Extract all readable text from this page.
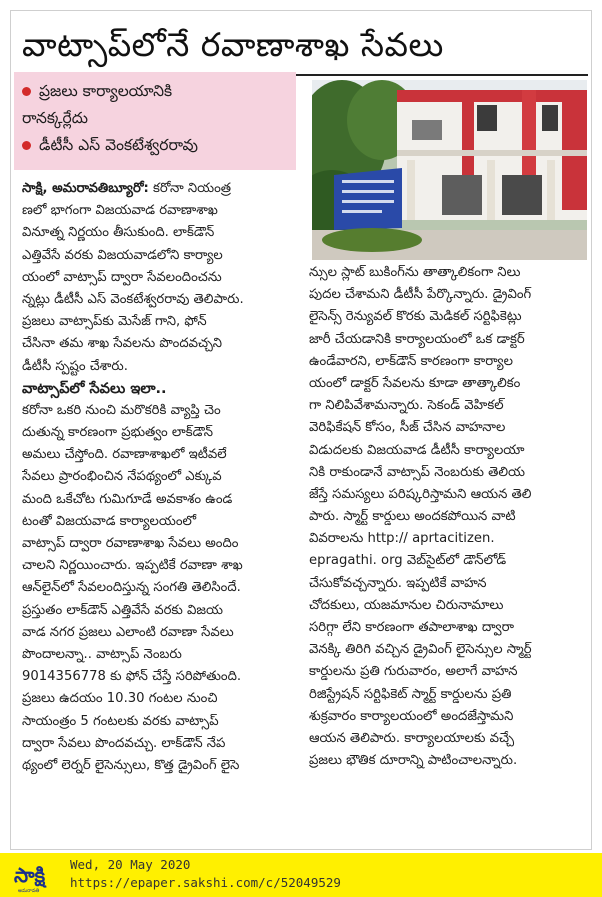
వాట్సాప్‌లోనే రవాణాశాఖ సేవలు
ప్రజలు కార్యాలయానికి
రానక్కర్లేదు
డీటీసీ ఎస్‌ వెంకటేశ్వరరావు
సాక్షి, అమరావతిబ్యూరో: కరోనా నియంత్ర
ణలో భాగంగా విజయవాడ రవాణాశాఖ
వినూత్న నిర్ణయం తీసుకుంది. లాక్‌డౌన్‌
ఎత్తివేసే వరకు విజయవాడలోని కార్యాల
యంలో వాట్సాప్‌ ద్వారా సేవలందించను
న్నట్లు డీటీసీ ఎస్‌ వెంకటేశ్వరరావు తెలిపారు.
ప్రజలు వాట్సాప్‌కు మెసేజ్‌ గాని, ఫోన్‌
చేసినా తమ శాఖ సేవలను పొందవచ్చని
డీటీసీ స్పష్టం చేశారు.
వాట్సాప్‌లో సేవలు ఇలా..
కరోనా ఒకరి నుంచి మరొకరికి వ్యాప్తి చెం
దుతున్న కారణంగా ప్రభుత్వం లాక్‌డౌన్‌
అమలు చేస్తోంది. రవాణాశాఖలో ఇటీవలే
సేవలు ప్రారంభించిన నేపథ్యంలో ఎక్కువ
మంది ఒకేచోట గుమిగూడే అవకాశం ఉండ
టంతో విజయవాడ కార్యాలయంలో
వాట్సాప్‌ ద్వారా రవాణాశాఖ సేవలు అందిం
చాలని నిర్ణయించారు. ఇప్పటికే రవాణా శాఖ
ఆన్‌లైన్‌లో సేవలందిస్తున్న సంగతి తెలిసిందే.
ప్రస్తుతం లాక్‌డౌన్‌ ఎత్తివేసే వరకు విజయ
వాడ నగర ప్రజలు ఎలాంటి రవాణా సేవలు
పొందాలన్నా.. వాట్సాప్‌ నెంబరు
9014356778 కు ఫోన్‌ చేస్తే సరిపోతుంది.
ప్రజలు ఉదయం 10.30 గంటల నుంచి
సాయంత్రం 5 గంటలకు వరకు వాట్సాప్‌
ద్వారా సేవలు పొందవచ్చు. లాక్‌డౌన్‌ నేప
థ్యంలో లెర్నర్‌ లైసెన్సులు, కొత్త డ్రైవింగ్‌ లైసె
న్సుల స్లాట్‌ బుకింగ్‌ను తాత్కాలికంగా నిలు
పుదల చేశామని డీటీసీ పేర్కొన్నారు. డ్రైవింగ్‌
లైసెన్స్‌ రెన్యువల్‌ కొరకు మెడికల్‌ సర్టిఫికెట్లు
జారీ చేయడానికి కార్యాలయంలో ఒక డాక్టర్‌
ఉండేవారని, లాక్‌డౌన్‌ కారణంగా కార్యాల
యంలో డాక్టర్‌ సేవలను కూడా తాత్కాలికం
గా నిలిపివేశామన్నారు. సెకండ్‌ వెహికల్‌
వెరిఫికేషన్‌ కోసం, సీజ్‌ చేసిన వాహనాల
విడుదలకు విజయవాడ డీటీసీ కార్యాలయా
నికి రాకుండానే వాట్సాప్‌ నెంబరుకు తెలియ
జేస్తే సమస్యలు పరిష్కరిస్తామని ఆయన తెలి
పారు. స్మార్ట్‌ కార్డులు అందకపోయిన వాటి
వివరాలను http:// aprtacitizen.
epragathi. org వెబ్‌సైట్‌లో డౌన్‌లోడ్‌
చేసుకోవచ్చన్నారు. ఇప్పటికే వాహన
చోదకులు, యజమానుల చిరునామాలు
సరిగ్గా లేని కారణంగా తపాలాశాఖ ద్వారా
వెనక్కి తిరిగి వచ్చిన డ్రైవింగ్‌ లైసెన్సుల స్మార్ట్‌
కార్డులను ప్రతి గురువారం, అలాగే వాహన
రిజిస్ట్రేషన్‌ సర్టిఫికెట్‌ స్మార్ట్‌ కార్డులను ప్రతి
శుక్రవారం కార్యాలయంలో అందజేస్తామని
ఆయన తెలిపారు. కార్యాలయాలకు వచ్చే
ప్రజలు భౌతిక దూరాన్ని పాటించాలన్నారు.
సాక్షి
అమరావతి
Wed, 20 May 2020
https://epaper.sakshi.com/c/52049529
